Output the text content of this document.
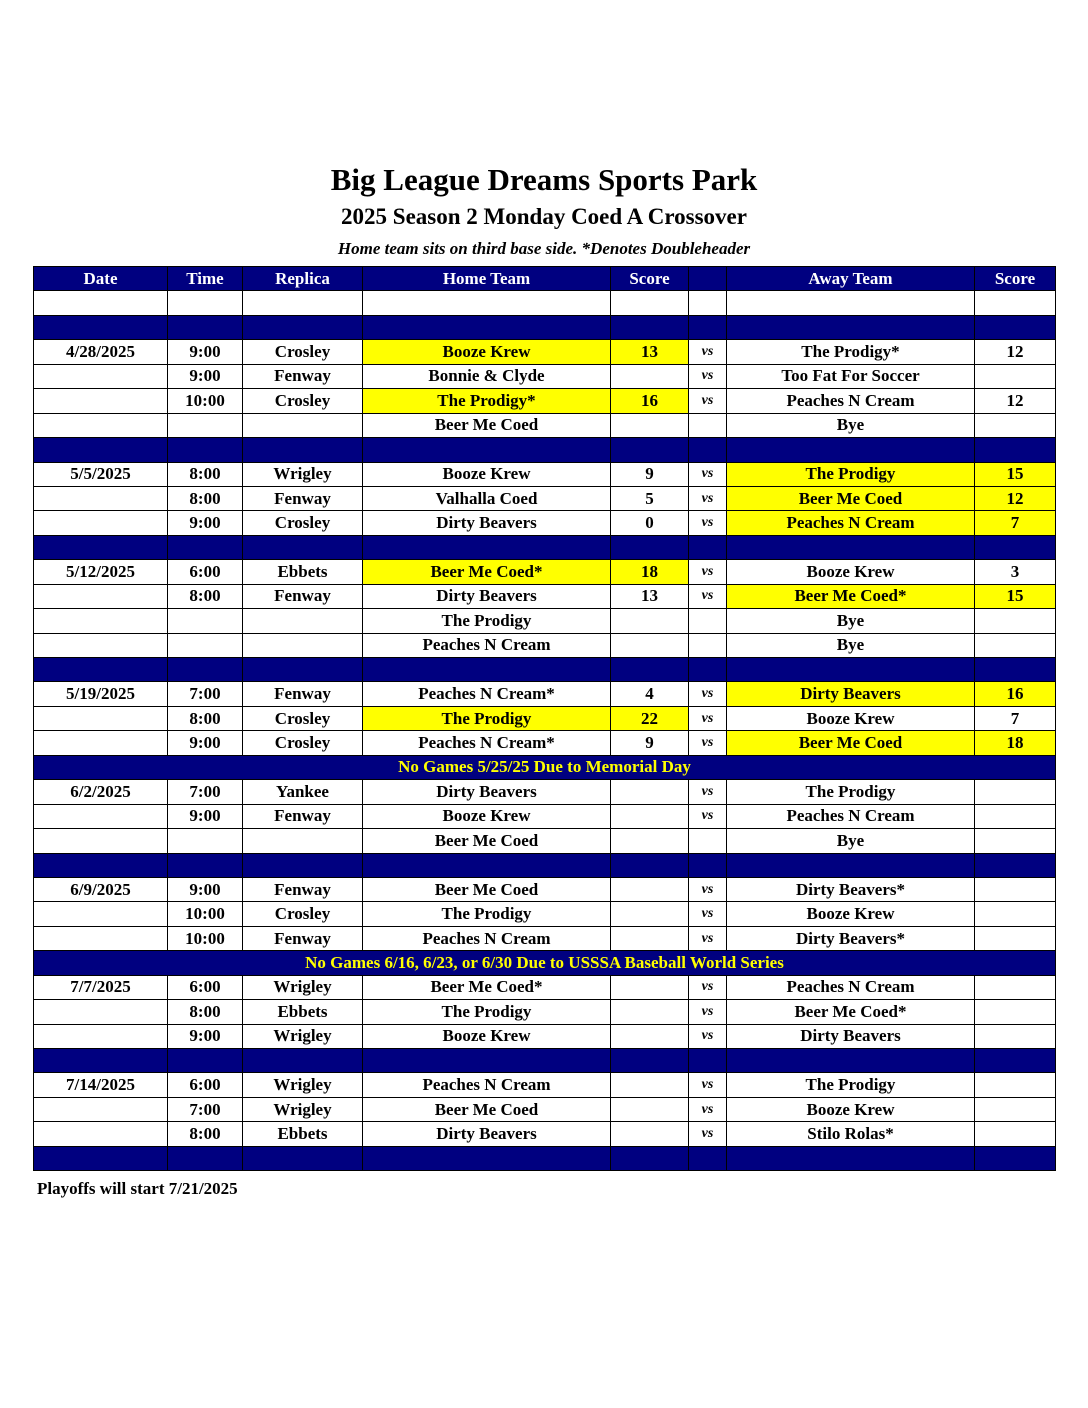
Big League Dreams Sports Park
2025 Season 2 Monday Coed A Crossover
Home team sits on third base side. *Denotes Doubleheader
Date	Time	Replica	Home Team	Score		Away Team	Score

4/28/2025	9:00	Crosley	Booze Krew	13	vs	The Prodigy*	12
	9:00	Fenway	Bonnie & Clyde		vs	Too Fat For Soccer	
	10:00	Crosley	The Prodigy*	16	vs	Peaches N Cream	12
			Beer Me Coed			Bye	

5/5/2025	8:00	Wrigley	Booze Krew	9	vs	The Prodigy	15
	8:00	Fenway	Valhalla Coed	5	vs	Beer Me Coed	12
	9:00	Crosley	Dirty Beavers	0	vs	Peaches N Cream	7

5/12/2025	6:00	Ebbets	Beer Me Coed*	18	vs	Booze Krew	3
	8:00	Fenway	Dirty Beavers	13	vs	Beer Me Coed*	15
			The Prodigy			Bye	
			Peaches N Cream			Bye	

5/19/2025	7:00	Fenway	Peaches N Cream*	4	vs	Dirty Beavers	16
	8:00	Crosley	The Prodigy	22	vs	Booze Krew	7
	9:00	Crosley	Peaches N Cream*	9	vs	Beer Me Coed	18
No Games 5/25/25 Due to Memorial Day							
6/2/2025	7:00	Yankee	Dirty Beavers		vs	The Prodigy	
	9:00	Fenway	Booze Krew		vs	Peaches N Cream	
			Beer Me Coed			Bye	

6/9/2025	9:00	Fenway	Beer Me Coed		vs	Dirty Beavers*	
	10:00	Crosley	The Prodigy		vs	Booze Krew	
	10:00	Fenway	Peaches N Cream		vs	Dirty Beavers*	
No Games 6/16, 6/23, or 6/30 Due to USSSA Baseball World Series							
7/7/2025	6:00	Wrigley	Beer Me Coed*		vs	Peaches N Cream	
	8:00	Ebbets	The Prodigy		vs	Beer Me Coed*	
	9:00	Wrigley	Booze Krew		vs	Dirty Beavers	

7/14/2025	6:00	Wrigley	Peaches N Cream		vs	The Prodigy	
	7:00	Wrigley	Beer Me Coed		vs	Booze Krew	
	8:00	Ebbets	Dirty Beavers		vs	Stilo Rolas*	

Playoffs will start 7/21/2025
